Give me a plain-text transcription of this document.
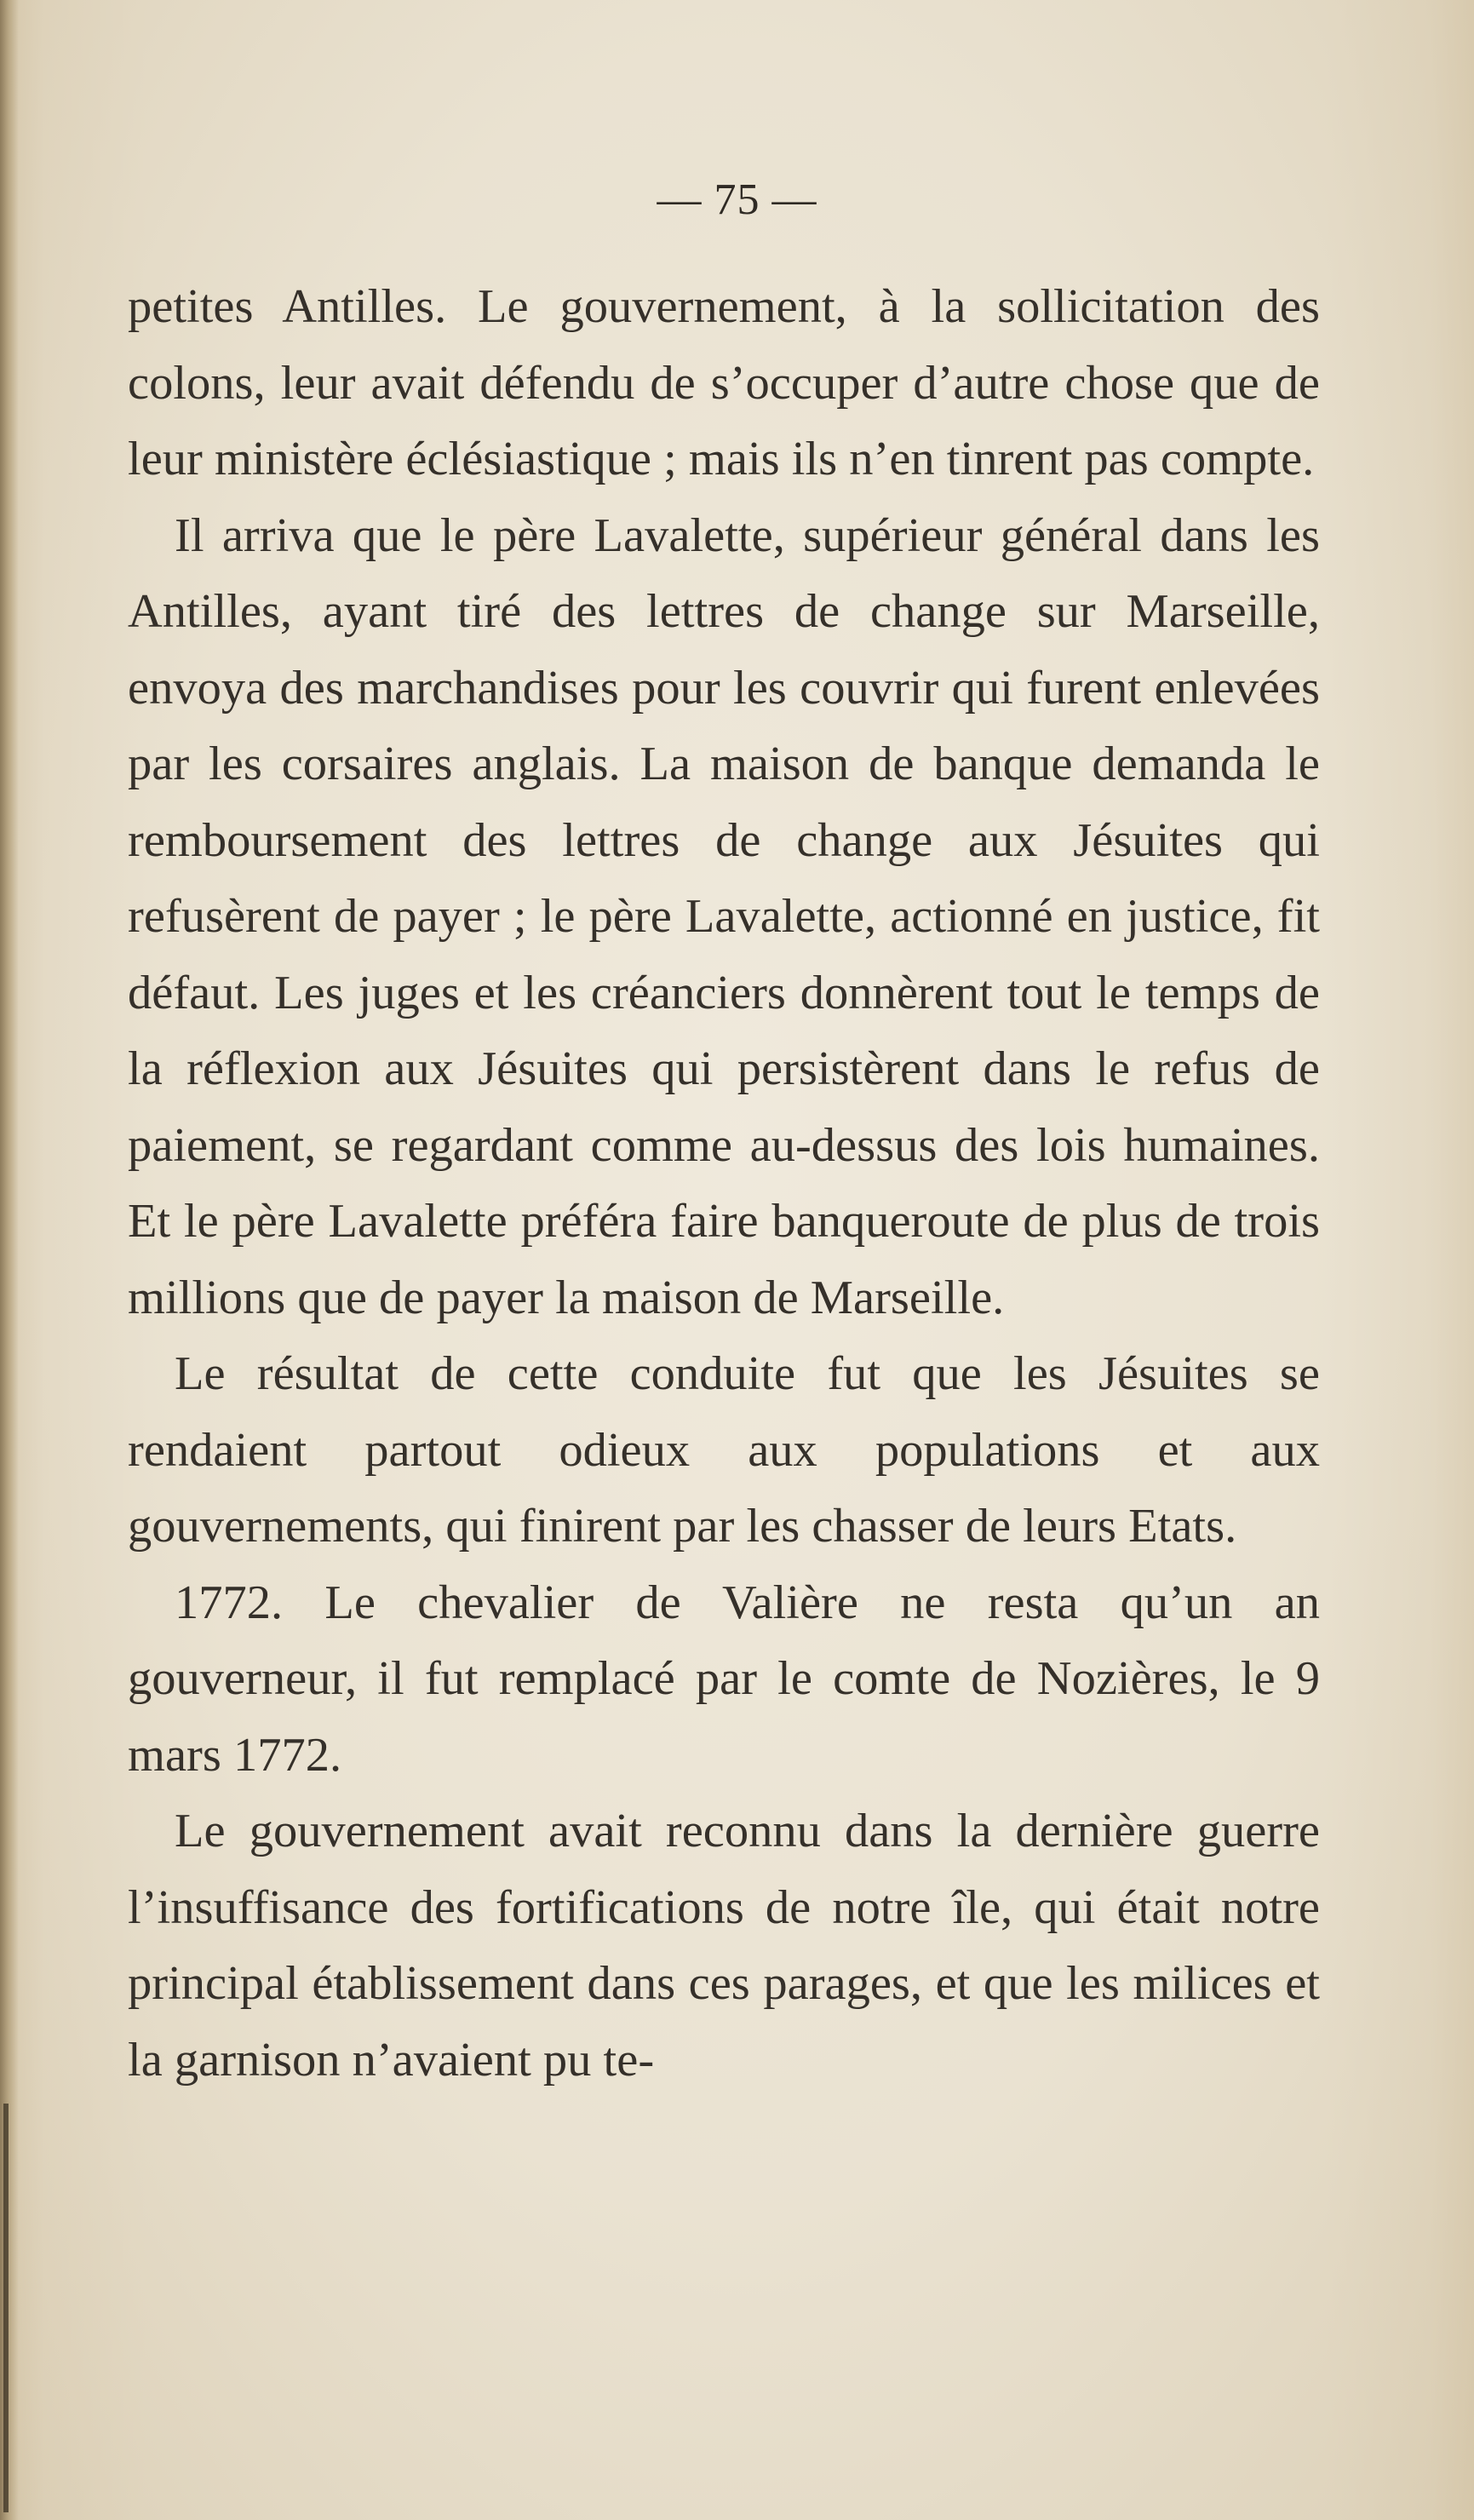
— 75 —

petites Antilles. Le gouvernement, à la sollicitation des colons, leur avait défendu de s’occuper d’autre chose que de leur ministère éclésiastique ; mais ils n’en tinrent pas compte.

Il arriva que le père Lavalette, supérieur général dans les Antilles, ayant tiré des lettres de change sur Marseille, envoya des marchandises pour les couvrir qui furent enlevées par les corsaires anglais. La maison de banque demanda le remboursement des lettres de change aux Jésuites qui refusèrent de payer ; le père Lavalette, actionné en justice, fit défaut. Les juges et les créanciers donnèrent tout le temps de la réflexion aux Jésuites qui persistèrent dans le refus de paiement, se regardant comme au-dessus des lois humaines. Et le père Lavalette préféra faire banqueroute de plus de trois millions que de payer la maison de Marseille.

Le résultat de cette conduite fut que les Jésuites se rendaient partout odieux aux populations et aux gouvernements, qui finirent par les chasser de leurs Etats.

1772. Le chevalier de Valière ne resta qu’un an gouverneur, il fut remplacé par le comte de Nozières, le 9 mars 1772.

Le gouvernement avait reconnu dans la dernière guerre l’insuffisance des fortifications de notre île, qui était notre principal établissement dans ces parages, et que les milices et la garnison n’avaient pu te-
